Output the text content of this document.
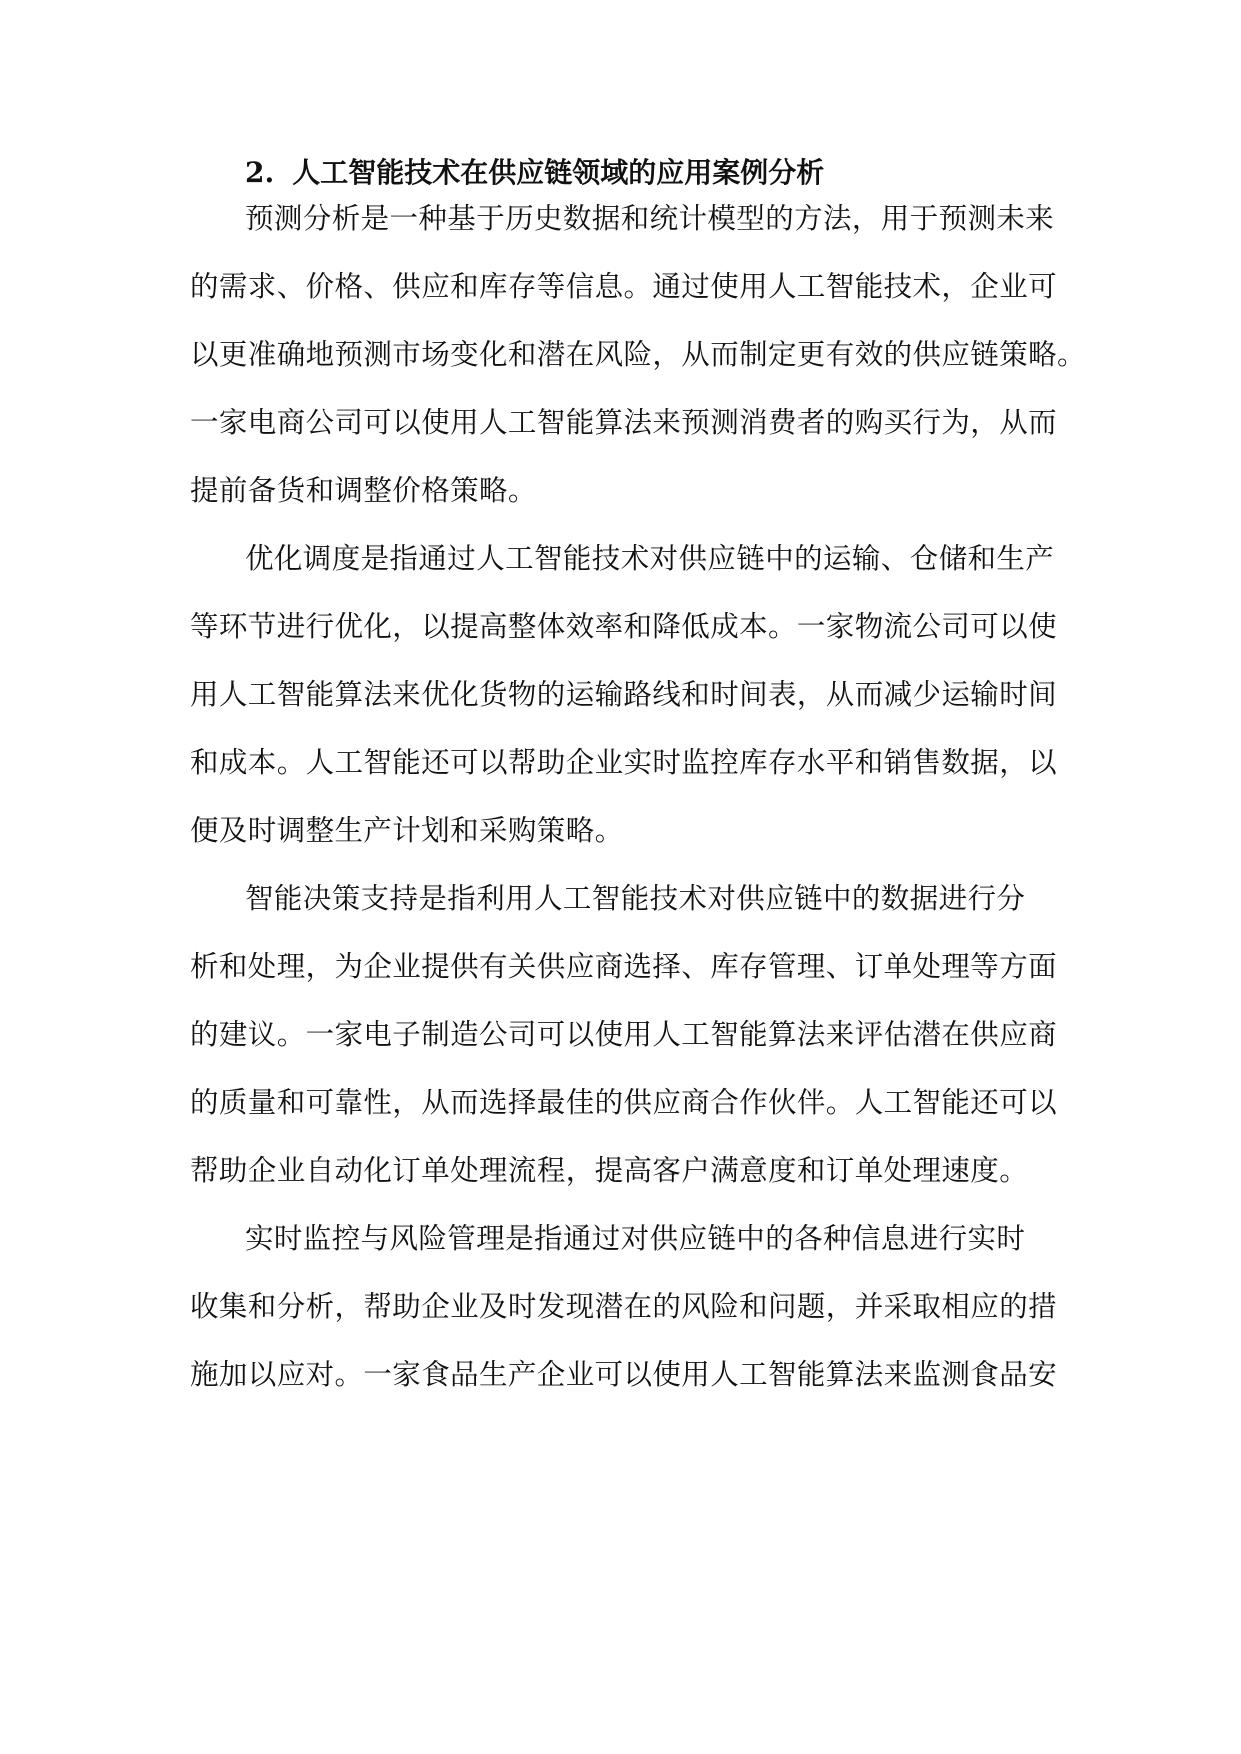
2. 人工智能技术在供应链领域的应用案例分析
预测分析是一种基于历史数据和统计模型的方法，用于预测未来
的需求、价格、供应和库存等信息。通过使用人工智能技术，企业可
以更准确地预测市场变化和潜在风险，从而制定更有效的供应链策略。
一家电商公司可以使用人工智能算法来预测消费者的购买行为，从而
提前备货和调整价格策略。
优化调度是指通过人工智能技术对供应链中的运输、仓储和生产
等环节进行优化，以提高整体效率和降低成本。一家物流公司可以使
用人工智能算法来优化货物的运输路线和时间表，从而减少运输时间
和成本。人工智能还可以帮助企业实时监控库存水平和销售数据，以
便及时调整生产计划和采购策略。
智能决策支持是指利用人工智能技术对供应链中的数据进行分
析和处理，为企业提供有关供应商选择、库存管理、订单处理等方面
的建议。一家电子制造公司可以使用人工智能算法来评估潜在供应商
的质量和可靠性，从而选择最佳的供应商合作伙伴。人工智能还可以
帮助企业自动化订单处理流程，提高客户满意度和订单处理速度。
实时监控与风险管理是指通过对供应链中的各种信息进行实时
收集和分析，帮助企业及时发现潜在的风险和问题，并采取相应的措
施加以应对。一家食品生产企业可以使用人工智能算法来监测食品安
